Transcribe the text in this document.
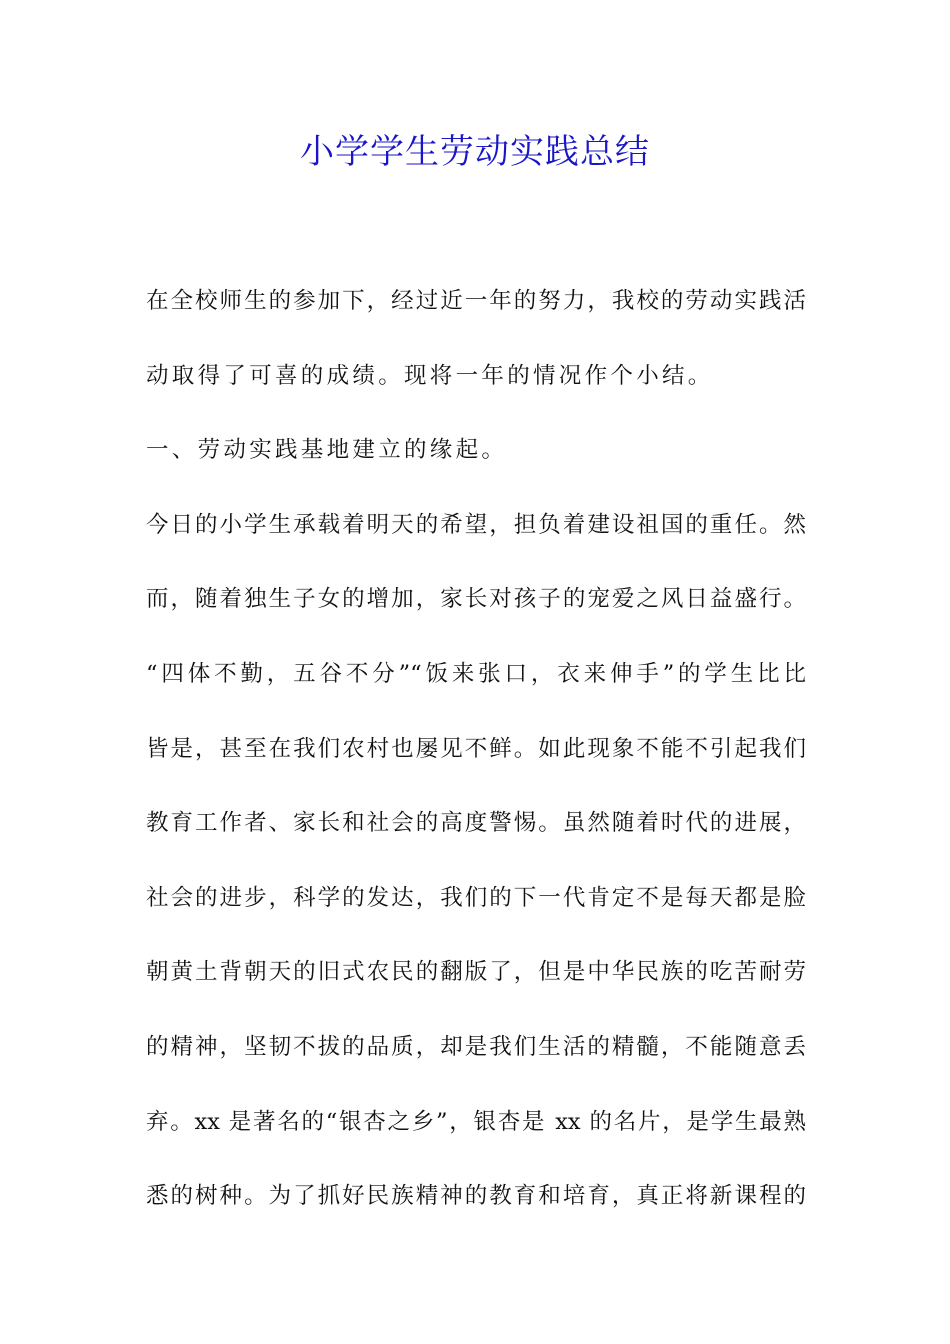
小学学生劳动实践总结
在全校师生的参加下，经过近一年的努力，我校的劳动实践活
动取得了可喜的成绩。现将一年的情况作个小结。
一、劳动实践基地建立的缘起。
今日的小学生承载着明天的希望，担负着建设祖国的重任。然
而，随着独生子女的增加，家长对孩子的宠爱之风日益盛行。
“四体不勤，五谷不分”“饭来张口，衣来伸手”的学生比比
皆是，甚至在我们农村也屡见不鲜。如此现象不能不引起我们
教育工作者、家长和社会的高度警惕。虽然随着时代的进展，
社会的进步，科学的发达，我们的下一代肯定不是每天都是脸
朝黄土背朝天的旧式农民的翻版了，但是中华民族的吃苦耐劳
的精神，坚韧不拔的品质，却是我们生活的精髓，不能随意丢
弃。xx 是著名的“银杏之乡”，银杏是 xx 的名片，是学生最熟
悉的树种。为了抓好民族精神的教育和培育，真正将新课程的
